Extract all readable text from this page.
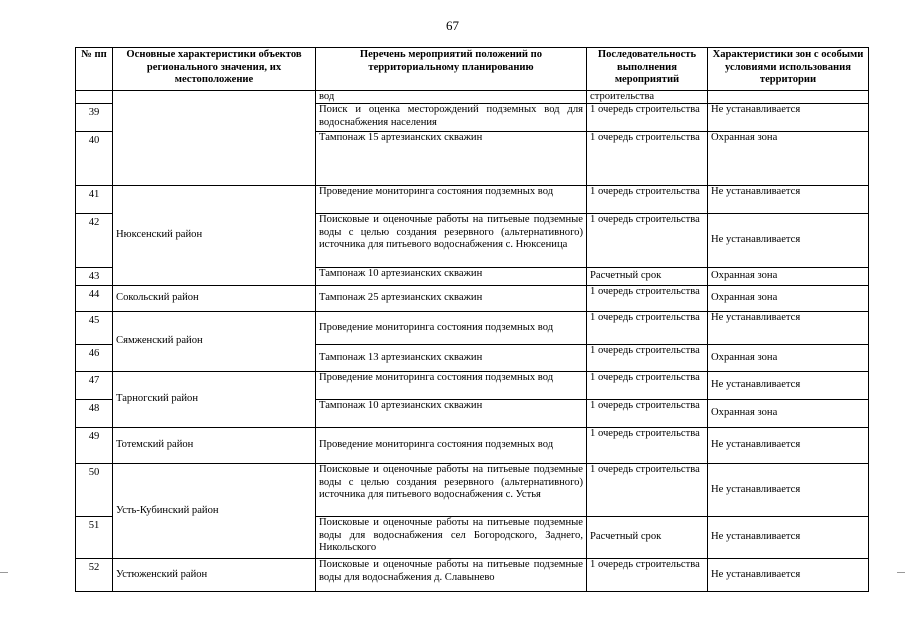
67
№ пп	Основные характеристики объектов регионального значения, их местоположение	Перечень мероприятий положений по территориальному планированию	Последовательность выполнения мероприятий	Характеристики зон с особыми условиями использования территории
		вод	строительства	
39		Поиск и оценка месторождений подземных вод для водоснабжения населения	1 очередь строительства	Не устанавливается
40		Тампонаж 15 артезианских скважин	1 очередь строительства	Охранная зона
41	Нюксенский район	Проведение мониторинга состояния подземных вод	1 очередь строительства	Не устанавливается
42		Поисковые и оценочные работы на питьевые подземные воды с целью создания резервного (альтернативного) источника для питьевого водоснабжения с. Нюксеница	1 очередь строительства	Не устанавливается
43		Тампонаж 10 артезианских скважин	Расчетный срок	Охранная зона
44	Сокольский район	Тампонаж 25 артезианских скважин	1 очередь строительства	Охранная зона
45	Сямженский район	Проведение мониторинга состояния подземных вод	1 очередь строительства	Не устанавливается
46		Тампонаж 13 артезианских скважин	1 очередь строительства	Охранная зона
47	Тарногский район	Проведение мониторинга состояния подземных вод	1 очередь строительства	Не устанавливается
48		Тампонаж 10 артезианских скважин	1 очередь строительства	Охранная зона
49	Тотемский район	Проведение мониторинга состояния подземных вод	1 очередь строительства	Не устанавливается
50	Усть-Кубинский район	Поисковые и оценочные работы на питьевые подземные воды с целью создания резервного (альтернативного) источника для питьевого водоснабжения с. Устья	1 очередь строительства	Не устанавливается
51		Поисковые и оценочные работы на питьевые подземные воды для водоснабжения сел Богородского, Заднего, Никольского	Расчетный срок	Не устанавливается
52	Устюженский район	Поисковые и оценочные работы на питьевые подземные воды для водоснабжения д. Славынево	1 очередь строительства	Не устанавливается
